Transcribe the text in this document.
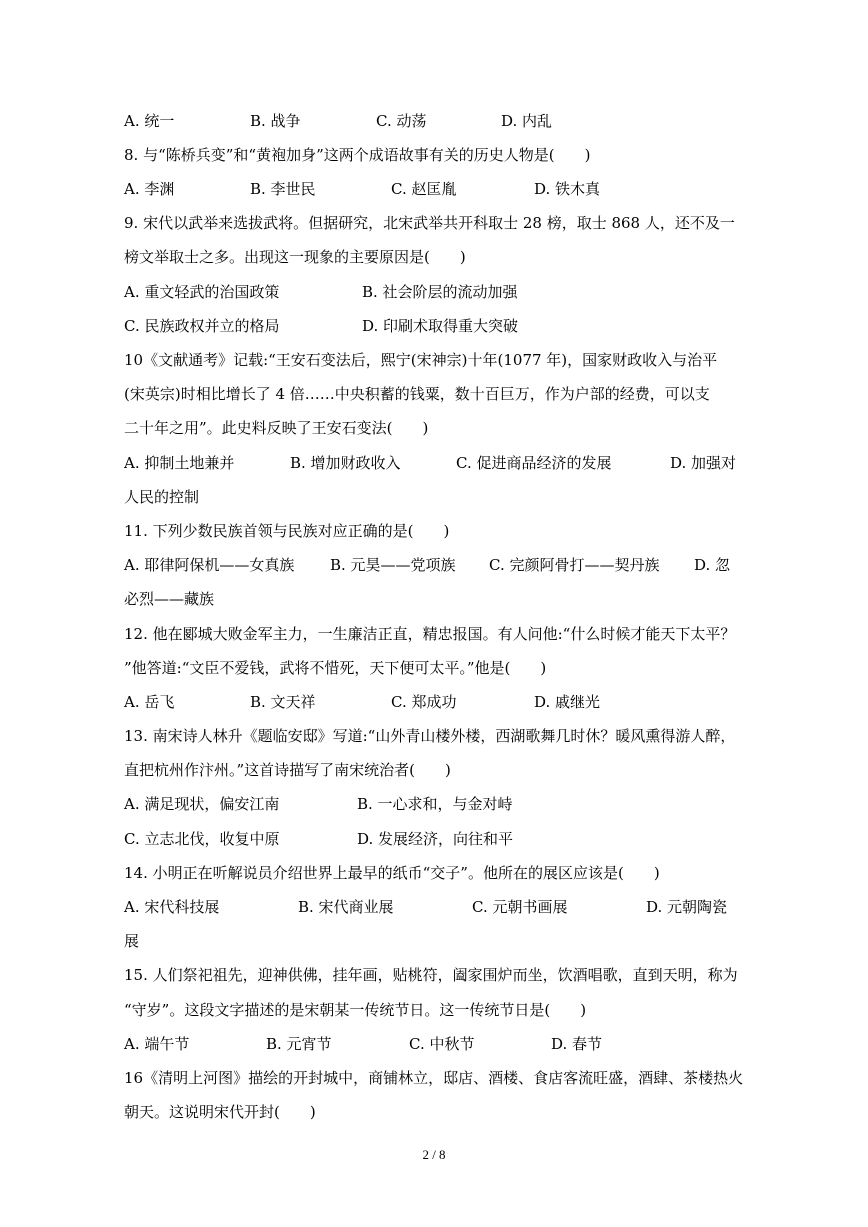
A. 统一	B. 战争	C. 动荡	D. 内乱
8. 与“陈桥兵变”和“黄袍加身”这两个成语故事有关的历史人物是(　　)
A. 李渊	B. 李世民	C. 赵匡胤	D. 铁木真
9. 宋代以武举来选拔武将。但据研究，北宋武举共开科取士 28 榜，取士 868 人，还不及一
榜文举取士之多。出现这一现象的主要原因是(　　)
A. 重文轻武的治国政策	B. 社会阶层的流动加强
C. 民族政权并立的格局	D. 印刷术取得重大突破
10《文献通考》记载:“王安石变法后，熙宁(宋神宗)十年(1077 年)，国家财政收入与治平
(宋英宗)时相比增长了 4 倍……中央积蓄的钱粟，数十百巨万，作为户部的经费，可以支
二十年之用”。此史料反映了王安石变法(　　)
A. 抑制土地兼并	B. 增加财政收入	C. 促进商品经济的发展	D. 加强对
人民的控制
11. 下列少数民族首领与民族对应正确的是(　　)
A. 耶律阿保机——女真族 B. 元昊——党项族 C. 完颜阿骨打——契丹族 D. 忽
必烈——藏族
12. 他在郾城大败金军主力，一生廉洁正直，精忠报国。有人问他:“什么时候才能天下太平？
”他答道:“文臣不爱钱，武将不惜死，天下便可太平。”他是(　　)
A. 岳飞	B. 文天祥	C. 郑成功	D. 戚继光
13. 南宋诗人林升《题临安邸》写道:“山外青山楼外楼，西湖歌舞几时休？暖风熏得游人醉，
直把杭州作汴州。”这首诗描写了南宋统治者(　　)
A. 满足现状，偏安江南	B. 一心求和，与金对峙
C. 立志北伐，收复中原	D. 发展经济，向往和平
14. 小明正在听解说员介绍世界上最早的纸币“交子”。他所在的展区应该是(　　)
A. 宋代科技展	B. 宋代商业展	C. 元朝书画展	D. 元朝陶瓷
展
15. 人们祭祀祖先，迎神供佛，挂年画，贴桃符，阖家围炉而坐，饮酒唱歌，直到天明，称为
“守岁”。这段文字描述的是宋朝某一传统节日。这一传统节日是(　　)
A. 端午节	B. 元宵节	C. 中秋节	D. 春节
16《清明上河图》描绘的开封城中，商铺林立，邸店、酒楼、食店客流旺盛，酒肆、茶楼热火
朝天。这说明宋代开封(　　)
2 / 8
